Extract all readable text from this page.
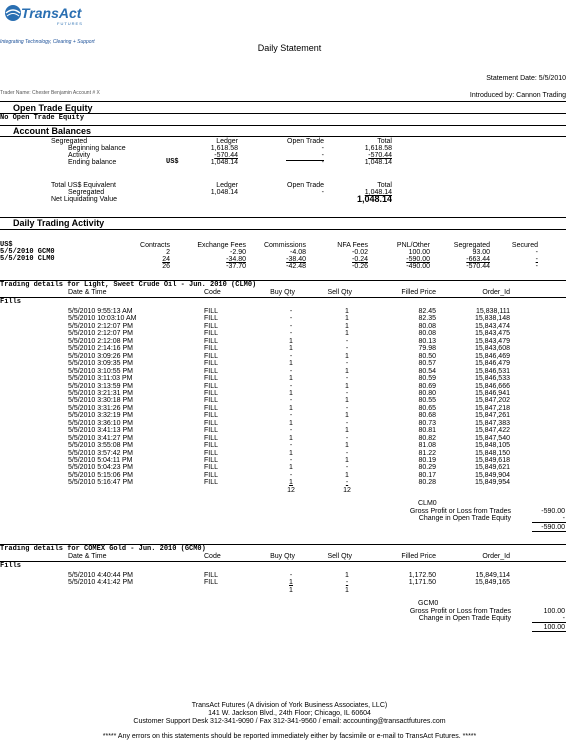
TransAct
FUTURES
Integrating Technology, Clearing + Support
Daily Statement
Statement Date: 5/5/2010
Introduced by: Cannon Trading
Trader Name: Chester Benjamin Account # X
Open Trade Equity
No Open Trade Equity
Account Balances
Segregated	Ledger	Open Trade	Total
Beginning balance	1,618.58	-	1,618.58
Activity	-570.44	-	-570.44
Ending balance	US$	1,048.14	-	1,048.14
Total US$ Equivalent	Ledger	Open Trade	Total
Segregated	1,048.14	-	1,048.14
Net Liquidating Value	1,048.14
Daily Trading Activity
Contracts	Exchange Fees	Commissions	NFA Fees	PNL/Other	Segregated	Secured
US$
5/5/2010 GCM0	2	-2.90	-4.08	-0.02	100.00	93.00	-
5/5/2010 CLM0	24	-34.80	-38.40	-0.24	-590.00	-663.44	-
26	-37.70	-42.48	-0.26	-490.00	-570.44	-
Trading details for Light, Sweet Crude Oil - Jun. 2010 (CLM0)
Date & Time	Code	Buy Qty	Sell Qty	Filled Price	Order_Id
Fills
5/5/2010 9:55:13 AM	FILL	-	1	82.45	15,838,111
5/5/2010 10:03:10 AM	FILL	-	1	82.35	15,838,148
5/5/2010 2:12:07 PM	FILL	-	1	80.08	15,843,474
5/5/2010 2:12:07 PM	FILL	-	1	80.08	15,843,475
5/5/2010 2:12:08 PM	FILL	1	-	80.13	15,843,479
5/5/2010 2:14:16 PM	FILL	1	-	79.98	15,843,608
5/5/2010 3:09:26 PM	FILL	-	1	80.50	15,846,469
5/5/2010 3:09:35 PM	FILL	1	-	80.57	15,846,479
5/5/2010 3:10:55 PM	FILL	-	1	80.54	15,846,531
5/5/2010 3:11:03 PM	FILL	1	-	80.59	15,846,533
5/5/2010 3:13:59 PM	FILL	-	1	80.69	15,846,666
5/5/2010 3:21:31 PM	FILL	1	-	80.80	15,846,941
5/5/2010 3:30:18 PM	FILL	-	1	80.55	15,847,202
5/5/2010 3:31:26 PM	FILL	1	-	80.65	15,847,218
5/5/2010 3:32:19 PM	FILL	-	1	80.68	15,847,261
5/5/2010 3:36:10 PM	FILL	1	-	80.73	15,847,383
5/5/2010 3:41:13 PM	FILL	-	1	80.81	15,847,422
5/5/2010 3:41:27 PM	FILL	1	-	80.82	15,847,540
5/5/2010 3:55:08 PM	FILL	-	1	81.08	15,848,105
5/5/2010 3:57:42 PM	FILL	1	-	81.22	15,848,150
5/5/2010 5:04:11 PM	FILL	-	1	80.19	15,849,618
5/5/2010 5:04:23 PM	FILL	1	-	80.29	15,849,621
5/5/2010 5:15:06 PM	FILL	-	1	80.17	15,849,904
5/5/2010 5:16:47 PM	FILL	1	-	80.28	15,849,954
12	12
CLM0
Gross Profit or Loss from Trades	-590.00
Change in Open Trade Equity	-
-590.00
Trading details for COMEX Gold - Jun. 2010 (GCM0)
Date & Time	Code	Buy Qty	Sell Qty	Filled Price	Order_Id
Fills
5/5/2010 4:40:44 PM	FILL	-	1	1,172.50	15,849,114
5/5/2010 4:41:42 PM	FILL	1	-	1,171.50	15,849,165
1	1
GCM0
Gross Profit or Loss from Trades	100.00
Change in Open Trade Equity	-
100.00
TransAct Futures (A division of York Business Associates, LLC)
141 W. Jackson Blvd., 24th Floor; Chicago, IL 60604
Customer Support Desk 312-341-9090 / Fax 312-341-9560 / email: accounting@transactfutures.com
***** Any errors on this statements should be reported immediately either by facsimile or e-mail to TransAct Futures. *****
